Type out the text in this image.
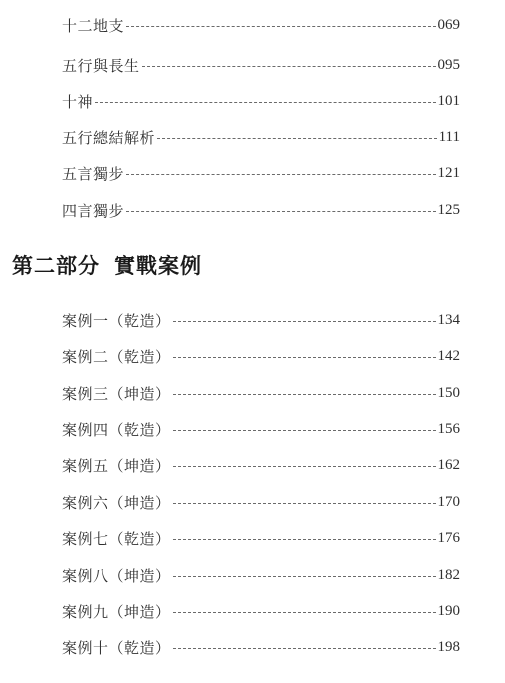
十二地支	069
五行與長生	095
十神	101
五行總結解析	111
五言獨步	121
四言獨步	125
第二部分 實戰案例
案例一（乾造）	134
案例二（乾造）	142
案例三（坤造）	150
案例四（乾造）	156
案例五（坤造）	162
案例六（坤造）	170
案例七（乾造）	176
案例八（坤造）	182
案例九（坤造）	190
案例十（乾造）	198
